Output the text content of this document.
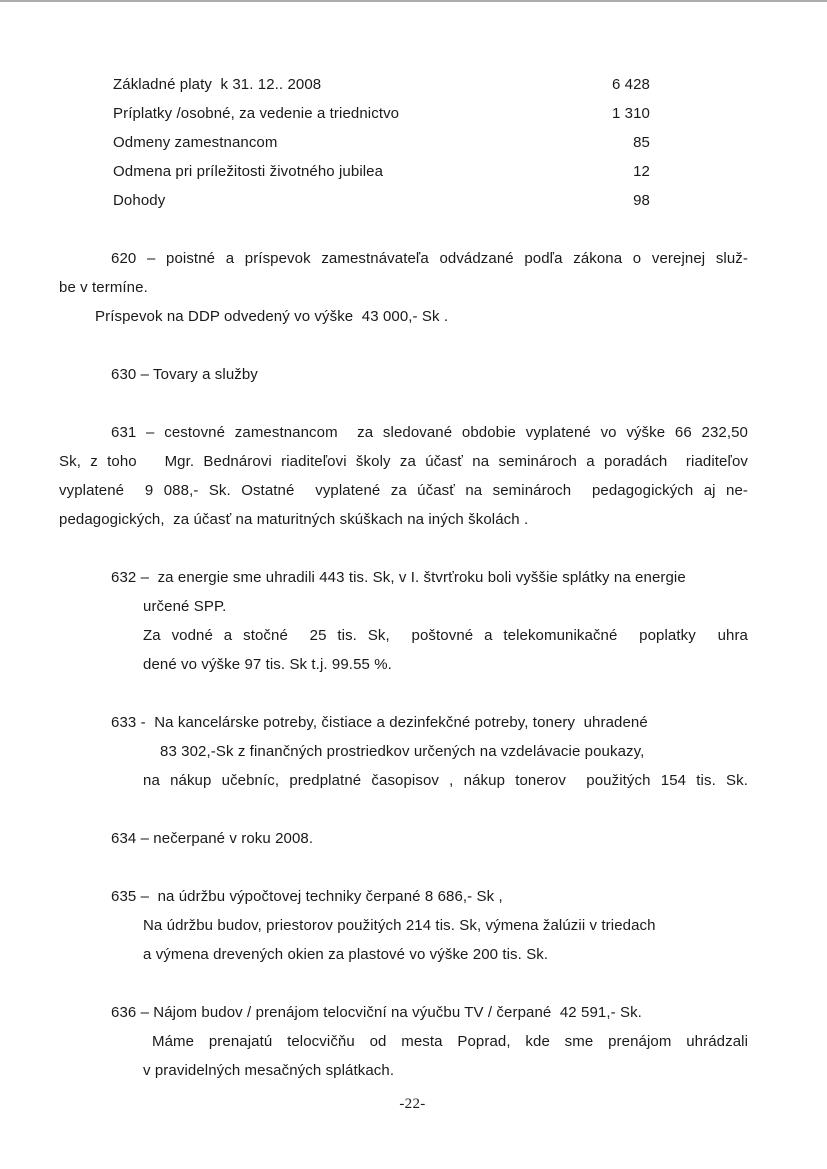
Základné platy  k 31. 12.. 2008	6 428
Príplatky /osobné, za vedenie a triednictvo	1 310
Odmeny zamestnancom	85
Odmena pri príležitosti životného jubilea	12
Dohody	98
620 – poistné a príspevok zamestnávateľa odvádzané podľa zákona o verejnej služ-
be v termíne.
Príspevok na DDP odvedený vo výške  43 000,- Sk .
630 – Tovary a služby
631 – cestovné zamestnancom  za sledované obdobie vyplatené vo výške 66 232,50
Sk, z toho   Mgr. Bednárovi riaditeľovi školy za účasť na seminároch a poradách  riaditeľov
vyplatené  9 088,- Sk. Ostatné  vyplatené za účasť na seminároch  pedagogických aj ne-
pedagogických,  za účasť na maturitných skúškach na iných školách .
632 –  za energie sme uhradili 443 tis. Sk, v I. štvrťroku boli vyššie splátky na energie
určené SPP.
Za vodné a stočné  25 tis. Sk,  poštovné a telekomunikačné  poplatky  uhra
dené vo výške 97 tis. Sk t.j. 99.55 %.
633 -  Na kancelárske potreby, čistiace a dezinfekčné potreby, tonery  uhradené
83 302,-Sk z finančných prostriedkov určených na vzdelávacie poukazy,
na nákup učebníc, predplatné časopisov , nákup tonerov  použitých 154 tis. Sk.
634 – nečerpané v roku 2008.
635 –  na údržbu výpočtovej techniky čerpané 8 686,- Sk ,
Na údržbu budov, priestorov použitých 214 tis. Sk, výmena žalúzii v triedach
a výmena drevených okien za plastové vo výške 200 tis. Sk.
636 – Nájom budov / prenájom telocviční na výučbu TV / čerpané  42 591,- Sk.
Máme prenajatú telocvičňu od mesta Poprad, kde sme prenájom uhrádzali
v pravidelných mesačných splátkach.
-22-
